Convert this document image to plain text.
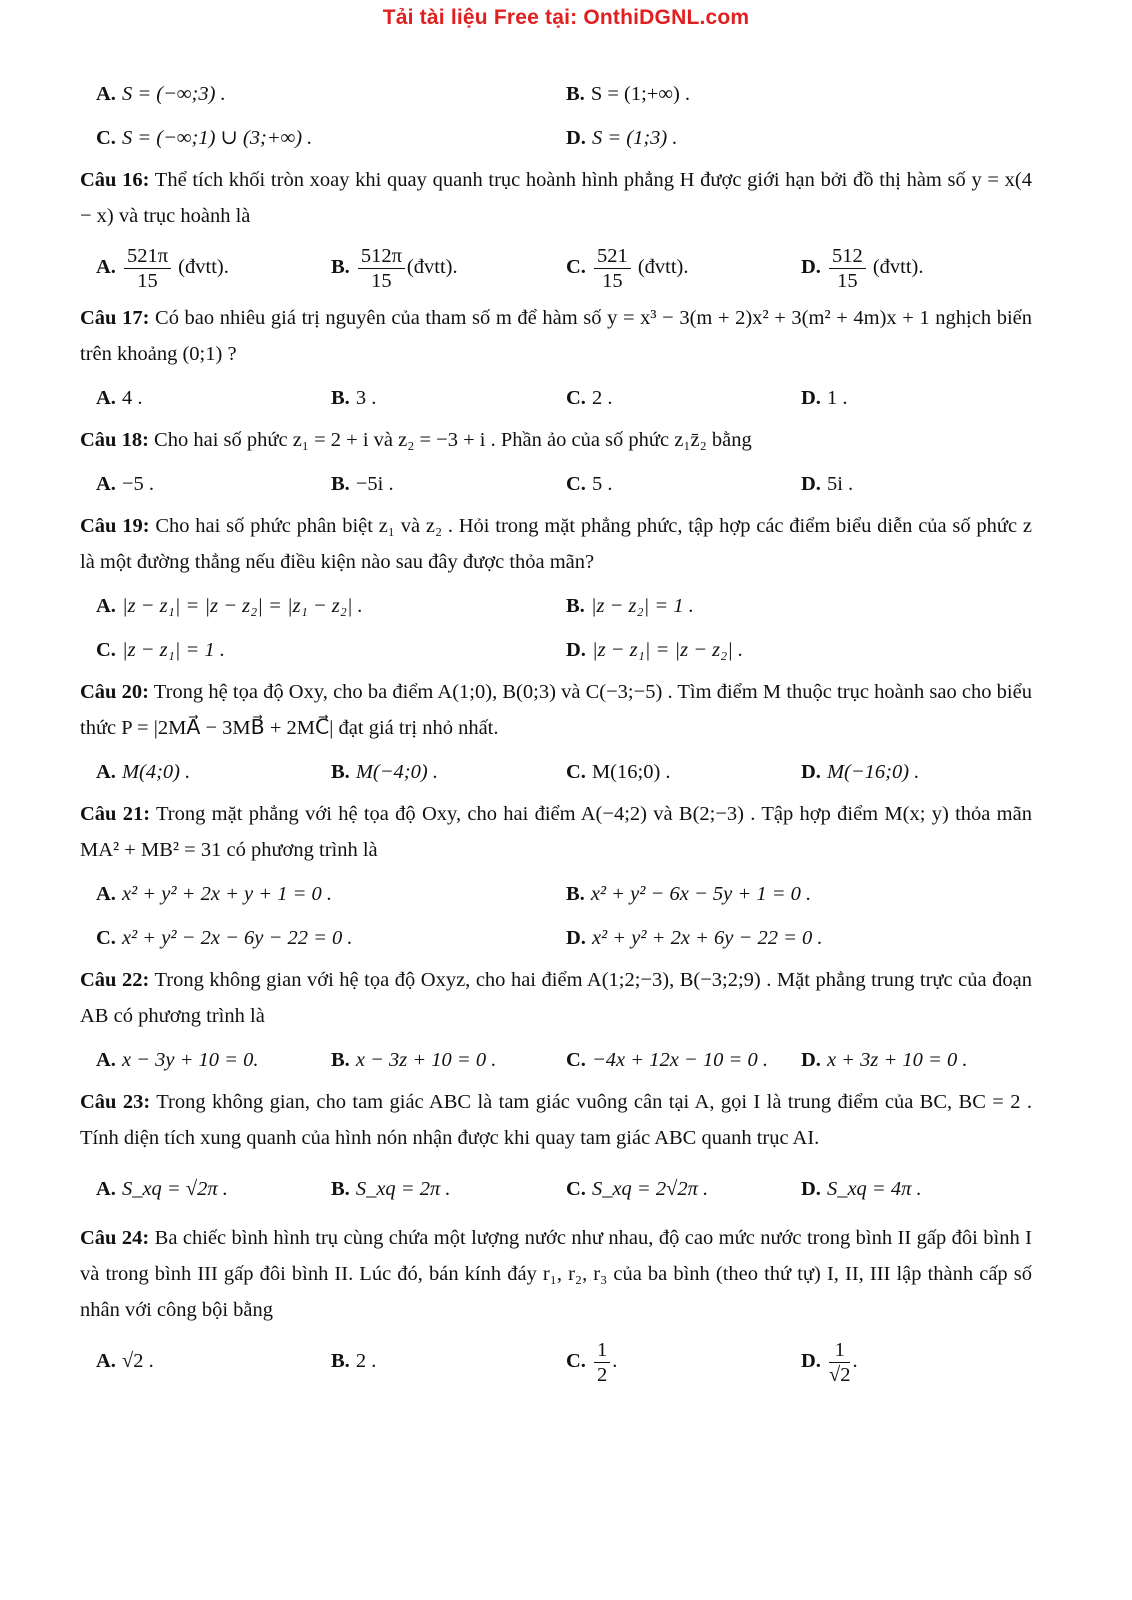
Tải tài liệu Free tại: OnthiDGNL.com
A. S = (−∞;3) .	B. S = (1;+∞) .
C. S = (−∞;1) ∪ (3;+∞) .	D. S = (1;3) .
Câu 16: Thể tích khối tròn xoay khi quay quanh trục hoành hình phẳng H được giới hạn bởi đồ thị hàm số y = x(4 − x) và trục hoành là
A. $\frac{521\pi}{15}$ (đvtt).	B. $\frac{512\pi}{15}$ (đvtt).	C. $\frac{521}{15}$ (đvtt).	D. $\frac{512}{15}$ (đvtt).
Câu 17: Có bao nhiêu giá trị nguyên của tham số m để hàm số y = x³ − 3(m + 2)x² + 3(m² + 4m)x + 1 nghịch biến trên khoảng (0;1) ?
A. 4 .	B. 3 .	C. 2 .	D. 1 .
Câu 18: Cho hai số phức z₁ = 2 + i và z₂ = −3 + i . Phần ảo của số phức z₁z̄₂ bằng
A. −5 .	B. −5i .	C. 5 .	D. 5i .
Câu 19: Cho hai số phức phân biệt z₁ và z₂ . Hỏi trong mặt phẳng phức, tập hợp các điểm biểu diễn của số phức z là một đường thẳng nếu điều kiện nào sau đây được thỏa mãn?
A. |z − z₁| = |z − z₂| = |z₁ − z₂| .	B. |z − z₂| = 1 .
C. |z − z₁| = 1 .	D. |z − z₁| = |z − z₂| .
Câu 20: Trong hệ tọa độ Oxy, cho ba điểm A(1;0), B(0;3) và C(−3;−5) . Tìm điểm M thuộc trục hoành sao cho biểu thức P = |2MA⃗ − 3MB⃗ + 2MC⃗| đạt giá trị nhỏ nhất.
A. M(4;0) .	B. M(−4;0) .	C. M(16;0) .	D. M(−16;0) .
Câu 21: Trong mặt phẳng với hệ tọa độ Oxy, cho hai điểm A(−4;2) và B(2;−3) . Tập hợp điểm M(x; y) thỏa mãn MA² + MB² = 31 có phương trình là
A. x² + y² + 2x + y + 1 = 0 .	B. x² + y² − 6x − 5y + 1 = 0 .
C. x² + y² − 2x − 6y − 22 = 0 .	D. x² + y² + 2x + 6y − 22 = 0 .
Câu 22: Trong không gian với hệ tọa độ Oxyz, cho hai điểm A(1;2;−3), B(−3;2;9) . Mặt phẳng trung trực của đoạn AB có phương trình là
A. x − 3y + 10 = 0.	B. x − 3z + 10 = 0 .	C. −4x + 12x − 10 = 0 . D. x + 3z + 10 = 0 .
Câu 23: Trong không gian, cho tam giác ABC là tam giác vuông cân tại A, gọi I là trung điểm của BC, BC = 2 . Tính diện tích xung quanh của hình nón nhận được khi quay tam giác ABC quanh trục AI.
A. S_xq = √2π .	B. S_xq = 2π .	C. S_xq = 2√2π .	D. S_xq = 4π .
Câu 24: Ba chiếc bình hình trụ cùng chứa một lượng nước như nhau, độ cao mức nước trong bình II gấp đôi bình I và trong bình III gấp đôi bình II. Lúc đó, bán kính đáy r₁, r₂, r₃ của ba bình (theo thứ tự) I, II, III lập thành cấp số nhân với công bội bằng
A. √2 .	B. 2 .	C. $\frac{1}{2}$ .	D. $\frac{1}{√2}$ .
